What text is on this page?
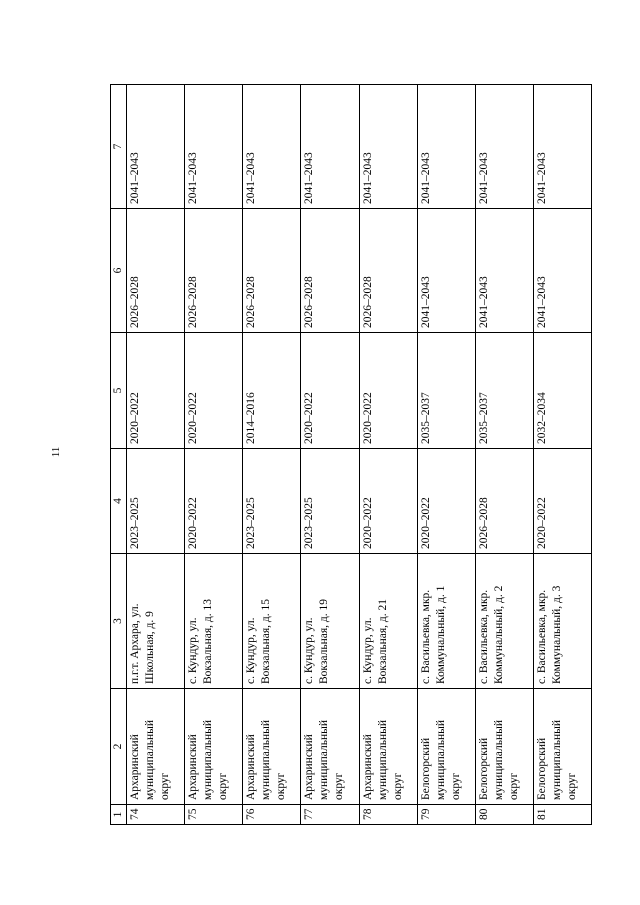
11
1	2	3	4	5	6	7
74	Архаринский муниципальный округ	п.г.т. Архара, ул. Школьная, д. 9	2023–2025	2020–2022	2026–2028	2041–2043
75	Архаринский муниципальный округ	с. Кундур, ул. Вокзальная, д. 13	2020–2022	2020–2022	2026–2028	2041–2043
76	Архаринский муниципальный округ	с. Кундур, ул. Вокзальная, д. 15	2023–2025	2014–2016	2026–2028	2041–2043
77	Архаринский муниципальный округ	с. Кундур, ул. Вокзальная, д. 19	2023–2025	2020–2022	2026–2028	2041–2043
78	Архаринский муниципальный округ	с. Кундур, ул. Вокзальная, д. 21	2020–2022	2020–2022	2026–2028	2041–2043
79	Белогорский муниципальный округ	с. Васильевка, мкр. Коммунальный, д. 1	2020–2022	2035–2037	2041–2043	2041–2043
80	Белогорский муниципальный округ	с. Васильевка, мкр. Коммунальный, д. 2	2026–2028	2035–2037	2041–2043	2041–2043
81	Белогорский муниципальный округ	с. Васильевка, мкр. Коммунальный, д. 3	2020–2022	2032–2034	2041–2043	2041–2043
